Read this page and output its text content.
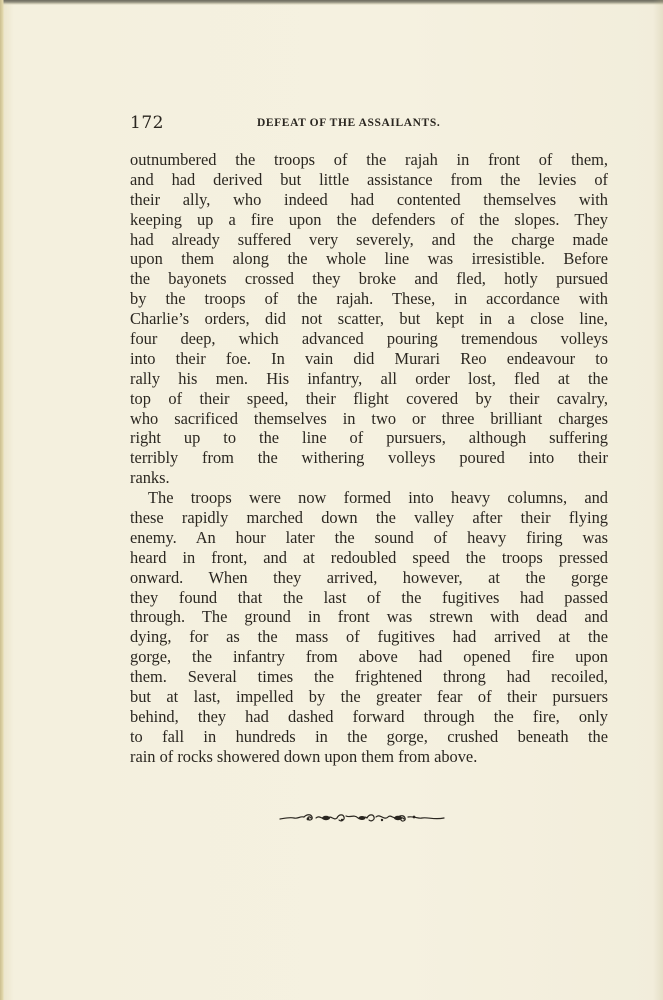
172	DEFEAT OF THE ASSAILANTS.
outnumbered the troops of the rajah in front of them,
and had derived but little assistance from the levies of
their ally, who indeed had contented themselves with
keeping up a fire upon the defenders of the slopes. They
had already suffered very severely, and the charge made
upon them along the whole line was irresistible. Before
the bayonets crossed they broke and fled, hotly pursued
by the troops of the rajah. These, in accordance with
Charlie’s orders, did not scatter, but kept in a close line,
four deep, which advanced pouring tremendous volleys
into their foe. In vain did Murari Reo endeavour to
rally his men. His infantry, all order lost, fled at the
top of their speed, their flight covered by their cavalry,
who sacrificed themselves in two or three brilliant charges
right up to the line of pursuers, although suffering
terribly from the withering volleys poured into their
ranks.
The troops were now formed into heavy columns, and
these rapidly marched down the valley after their flying
enemy. An hour later the sound of heavy firing was
heard in front, and at redoubled speed the troops pressed
onward. When they arrived, however, at the gorge
they found that the last of the fugitives had passed
through. The ground in front was strewn with dead and
dying, for as the mass of fugitives had arrived at the
gorge, the infantry from above had opened fire upon
them. Several times the frightened throng had recoiled,
but at last, impelled by the greater fear of their pursuers
behind, they had dashed forward through the fire, only
to fall in hundreds in the gorge, crushed beneath the
rain of rocks showered down upon them from above.
